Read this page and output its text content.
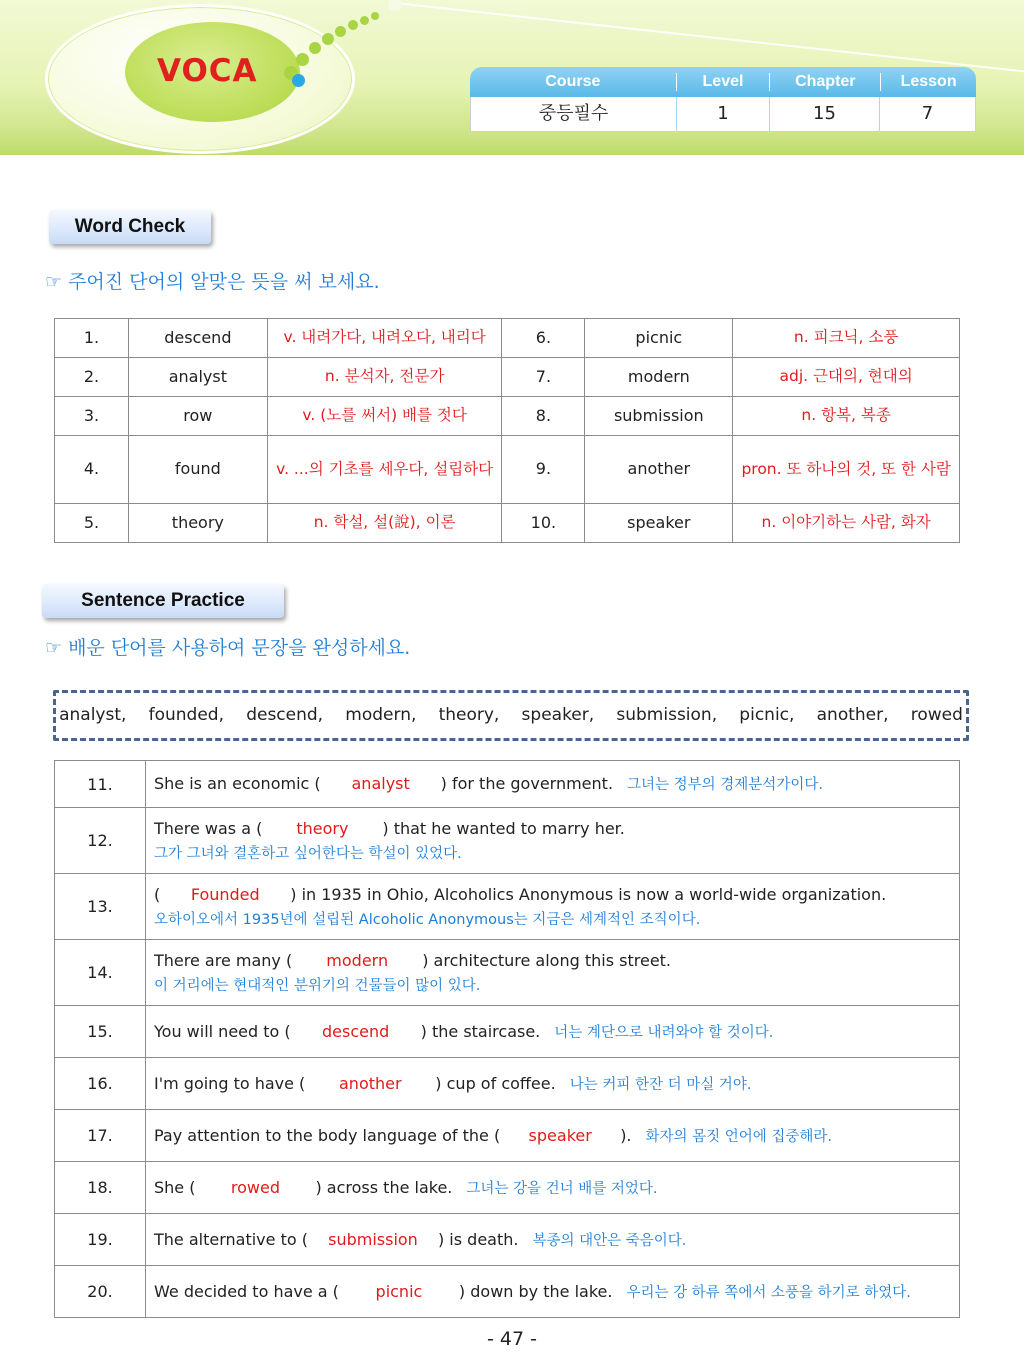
VOCA	Course	Level	Chapter	Lesson
중등필수	1	15	7
Word Check
☞ 주어진 단어의 알맞은 뜻을 써 보세요.
1.	descend	v. 내려가다, 내려오다, 내리다	6.	picnic	n. 피크닉, 소풍
2.	analyst	n. 분석자, 전문가	7.	modern	adj. 근대의, 현대의
3.	row	v. (노를 써서) 배를 젓다	8.	submission	n. 항복, 복종
4.	found	v. ...의 기초를 세우다, 설립하다	9.	another	pron. 또 하나의 것, 또 한 사람
5.	theory	n. 학설, 설(說), 이론	10.	speaker	n. 이야기하는 사람, 화자
Sentence Practice
☞ 배운 단어를 사용하여 문장을 완성하세요.
analyst,   founded,   descend,   modern,   theory,   speaker,   submission,   picnic,   another,   rowed
11.	She is an economic ( analyst ) for the government. 그녀는 정부의 경제분석가이다.

12.	There was a ( theory ) that he wanted to marry her.
그가 그녀와 결혼하고 싶어한다는 학설이 있었다.

13.	( Founded ) in 1935 in Ohio, Alcoholics Anonymous is now a world-wide organization.
오하이오에서 1935년에 설립된 Alcoholic Anonymous는 지금은 세계적인 조직이다.

14.	There are many ( modern ) architecture along this street.
이 거리에는 현대적인 분위기의 건물들이 많이 있다.

15.	You will need to ( descend ) the staircase. 너는 계단으로 내려와야 할 것이다.

16.	I'm going to have ( another ) cup of coffee. 나는 커피 한잔 더 마실 거야.

17.	Pay attention to the body language of the ( speaker ). 화자의 몸짓 언어에 집중해라.

18.	She ( rowed ) across the lake. 그녀는 강을 건너 배를 저었다.

19.	The alternative to ( submission ) is death. 복종의 대안은 죽음이다.

20.	We decided to have a ( picnic ) down by the lake. 우리는 강 하류 쪽에서 소풍을 하기로 하였다.
- 47 -
